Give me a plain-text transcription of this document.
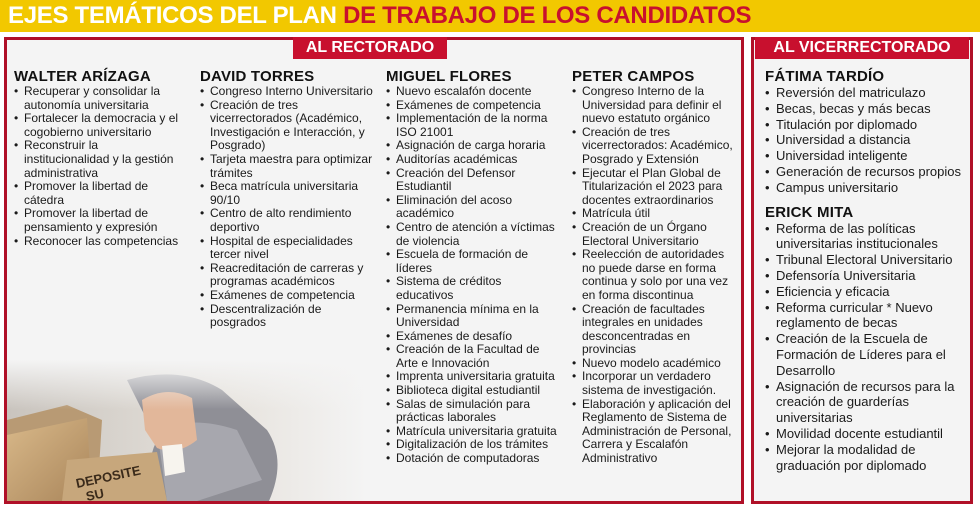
EJES TEMÁTICOS DEL PLAN DE TRABAJO DE LOS CANDIDATOS
AL RECTORADO	AL VICERRECTORADO
WALTER ARÍZAGA
• Recuperar y consolidar la autonomía universitaria
• Fortalecer la democracia y el cogobierno universitario
• Reconstruir la institucionalidad y la gestión administrativa
• Promover la libertad de cátedra
• Promover la libertad de pensamiento y expresión
• Reconocer las competencias
DAVID TORRES
• Congreso Interno Universitario
• Creación de tres vicerrectorados (Académico, Investigación e Interacción, y Posgrado)
• Tarjeta maestra para optimizar trámites
• Beca matrícula universitaria 90/10
• Centro de alto rendimiento deportivo
• Hospital de especialidades tercer nivel
• Reacreditación de carreras y programas académicos
• Exámenes de competencia
• Descentralización de posgrados
MIGUEL FLORES
• Nuevo escalafón docente
• Exámenes de competencia
• Implementación de la norma ISO 21001
• Asignación de carga horaria
• Auditorías académicas
• Creación del Defensor Estudiantil
• Eliminación del acoso académico
• Centro de atención a víctimas de violencia
• Escuela de formación de líderes
• Sistema de créditos educativos
• Permanencia mínima en la Universidad
• Exámenes de desafío
• Creación de la Facultad de Arte e Innovación
• Imprenta universitaria gratuita
• Biblioteca digital estudiantil
• Salas de simulación para prácticas laborales
• Matrícula universitaria gratuita
• Digitalización de los trámites
• Dotación de computadoras
PETER CAMPOS
• Congreso Interno de la Universidad para definir el nuevo estatuto orgánico
• Creación de tres vicerrectorados: Académico, Posgrado y Extensión
• Ejecutar el Plan Global de Titularización el 2023 para docentes extraordinarios
• Matrícula útil
• Creación de un Órgano Electoral Universitario
• Reelección de autoridades no puede darse en forma continua y solo por una vez en forma discontinua
• Creación de facultades integrales en unidades desconcentradas en provincias
• Nuevo modelo académico
• Incorporar un verdadero sistema de investigación.
• Elaboración y aplicación del Reglamento de Sistema de Administración de Personal, Carrera y Escalafón Administrativo
FÁTIMA TARDÍO
• Reversión del matriculazo
• Becas, becas y más becas
• Titulación por diplomado
• Universidad a distancia
• Universidad inteligente
• Generación de recursos propios
• Campus universitario
ERICK MITA
• Reforma de las políticas universitarias institucionales
• Tribunal Electoral Universitario
• Defensoría Universitaria
• Eficiencia y eficacia
• Reforma curricular * Nuevo reglamento de becas
• Creación de la Escuela de Formación de Líderes para el Desarrollo
• Asignación de recursos para la creación de guarderías universitarias
• Movilidad docente estudiantil
• Mejorar la modalidad de graduación por diplomado
